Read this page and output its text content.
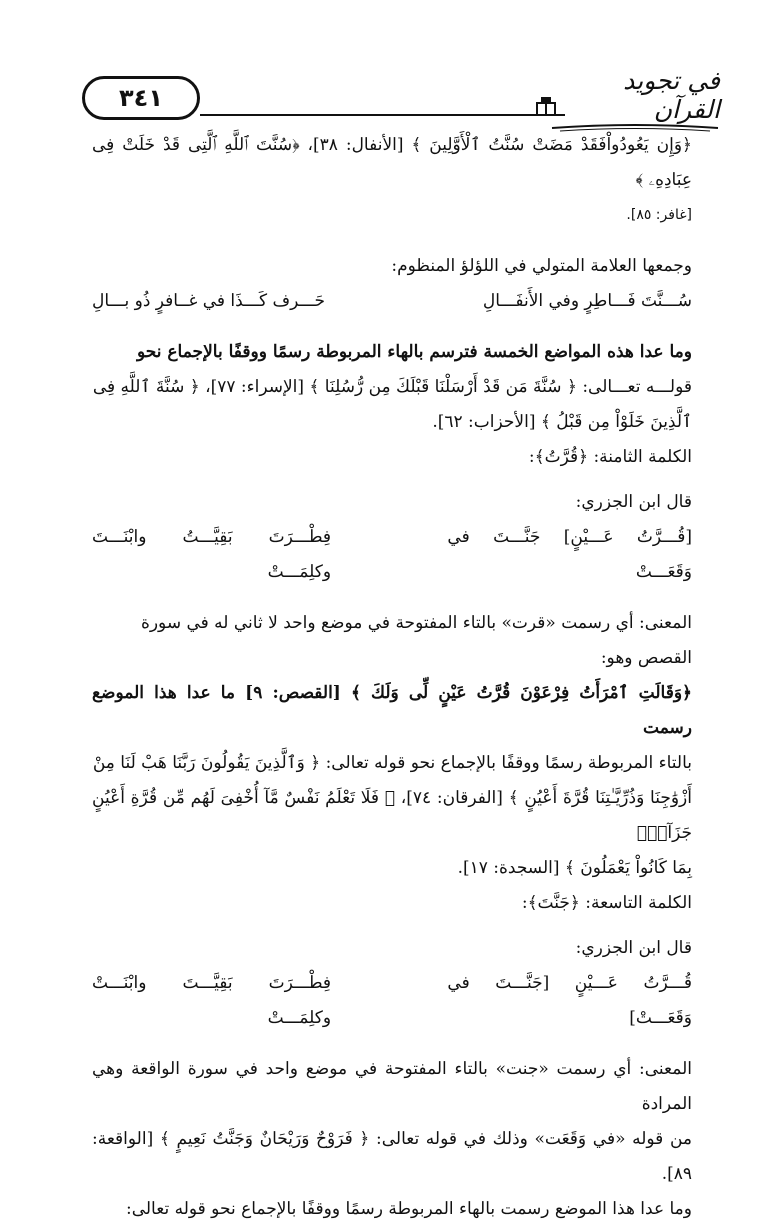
٣٤١
في تجويد القرآن

﴿وَإِن يَعُودُواْفَقَدْ مَضَتْ سُنَّتُ ٱلْأَوَّلِينَ ﴾ [الأنفال: ٣٨]، ﴿سُنَّتَ ٱللَّهِ ٱلَّتِى قَدْ خَلَتْ فِى عِبَادِهِۦ ﴾

[غافر: ٨٥].

وجمعها العلامة المتولي في اللؤلؤ المنظوم:

سُـــنَّتَ فَـــاطِرٍ وفي الأَنفَـــالِ
حَـــرف كَـــذَا في غــافرٍ ذُو بـــالِ

وما عدا هذه المواضع الخمسة فترسم بالهاء المربوطة رسمًا ووقفًا بالإجماع نحو

قولـــه تعـــالى: ﴿ سُنَّةَ مَن قَدْ أَرْسَلْنَا قَبْلَكَ مِن رُّسُلِنَا ﴾ [الإسراء: ٧٧]، ﴿ سُنَّةَ ٱللَّهِ فِى

ٱلَّذِينَ خَلَوْاْ مِن قَبْلُ ﴾ [الأحزاب: ٦٢].

الكلمة الثامنة: ﴿قُرَّتُ﴾:

قال ابن الجزري:

[قُـــرَّتُ عَـــيْنٍ] جَنَّـــتَ في وَقَعَـــتْ
فِطْـــرَتَ بَقِيَّـــتُ وابْنَـــتَ وكلِمَـــتْ

المعنى: أي رسمت «قرت» بالتاء المفتوحة في موضع واحد لا ثاني له في سورة

القصص وهو:

﴿وَقَالَتِ ٱمْرَأَتُ فِرْعَوْنَ قُرَّتُ عَيْنٍ لِّى وَلَكَ ﴾ [القصص: ٩] ما عدا هذا الموضع رسمت

بالتاء المربوطة رسمًا ووقفًا بالإجماع نحو قوله تعالى: ﴿ وَٱلَّذِينَ يَقُولُونَ رَبَّنَا هَبْ لَنَا مِنْ

أَزْوَٰجِنَا وَذُرِّيَّـٰتِنَا قُرَّةَ أَعْيُنٍ ﴾ [الفرقان: ٧٤]، ﴿ فَلَا تَعْلَمُ نَفْسٌ مَّآ أُخْفِىَ لَهُم مِّن قُرَّةِ أَعْيُنٍ جَزَآءًۢ

بِمَا كَانُواْ يَعْمَلُونَ ﴾ [السجدة: ١٧].

الكلمة التاسعة: ﴿جَنَّتَ﴾:

قال ابن الجزري:

قُـــرَّتُ عَـــيْنٍ [جَنَّـــتَ في وَقَعَـــتْ]
فِطْـــرَتَ بَقِيَّـــتَ وابْنَـــتْ وكلِمَـــتْ

المعنى: أي رسمت «جنت» بالتاء المفتوحة في موضع واحد في سورة الواقعة وهي المرادة

من قوله «في وَقَعَت» وذلك في قوله تعالى: ﴿ فَرَوْحٌ وَرَيْحَانٌ وَجَنَّتُ نَعِيمٍ ﴾ [الواقعة: ٨٩].

وما عدا هذا الموضع رسمت بالهاء المربوطة رسمًا ووقفًا بالإجماع نحو قوله تعالى:
